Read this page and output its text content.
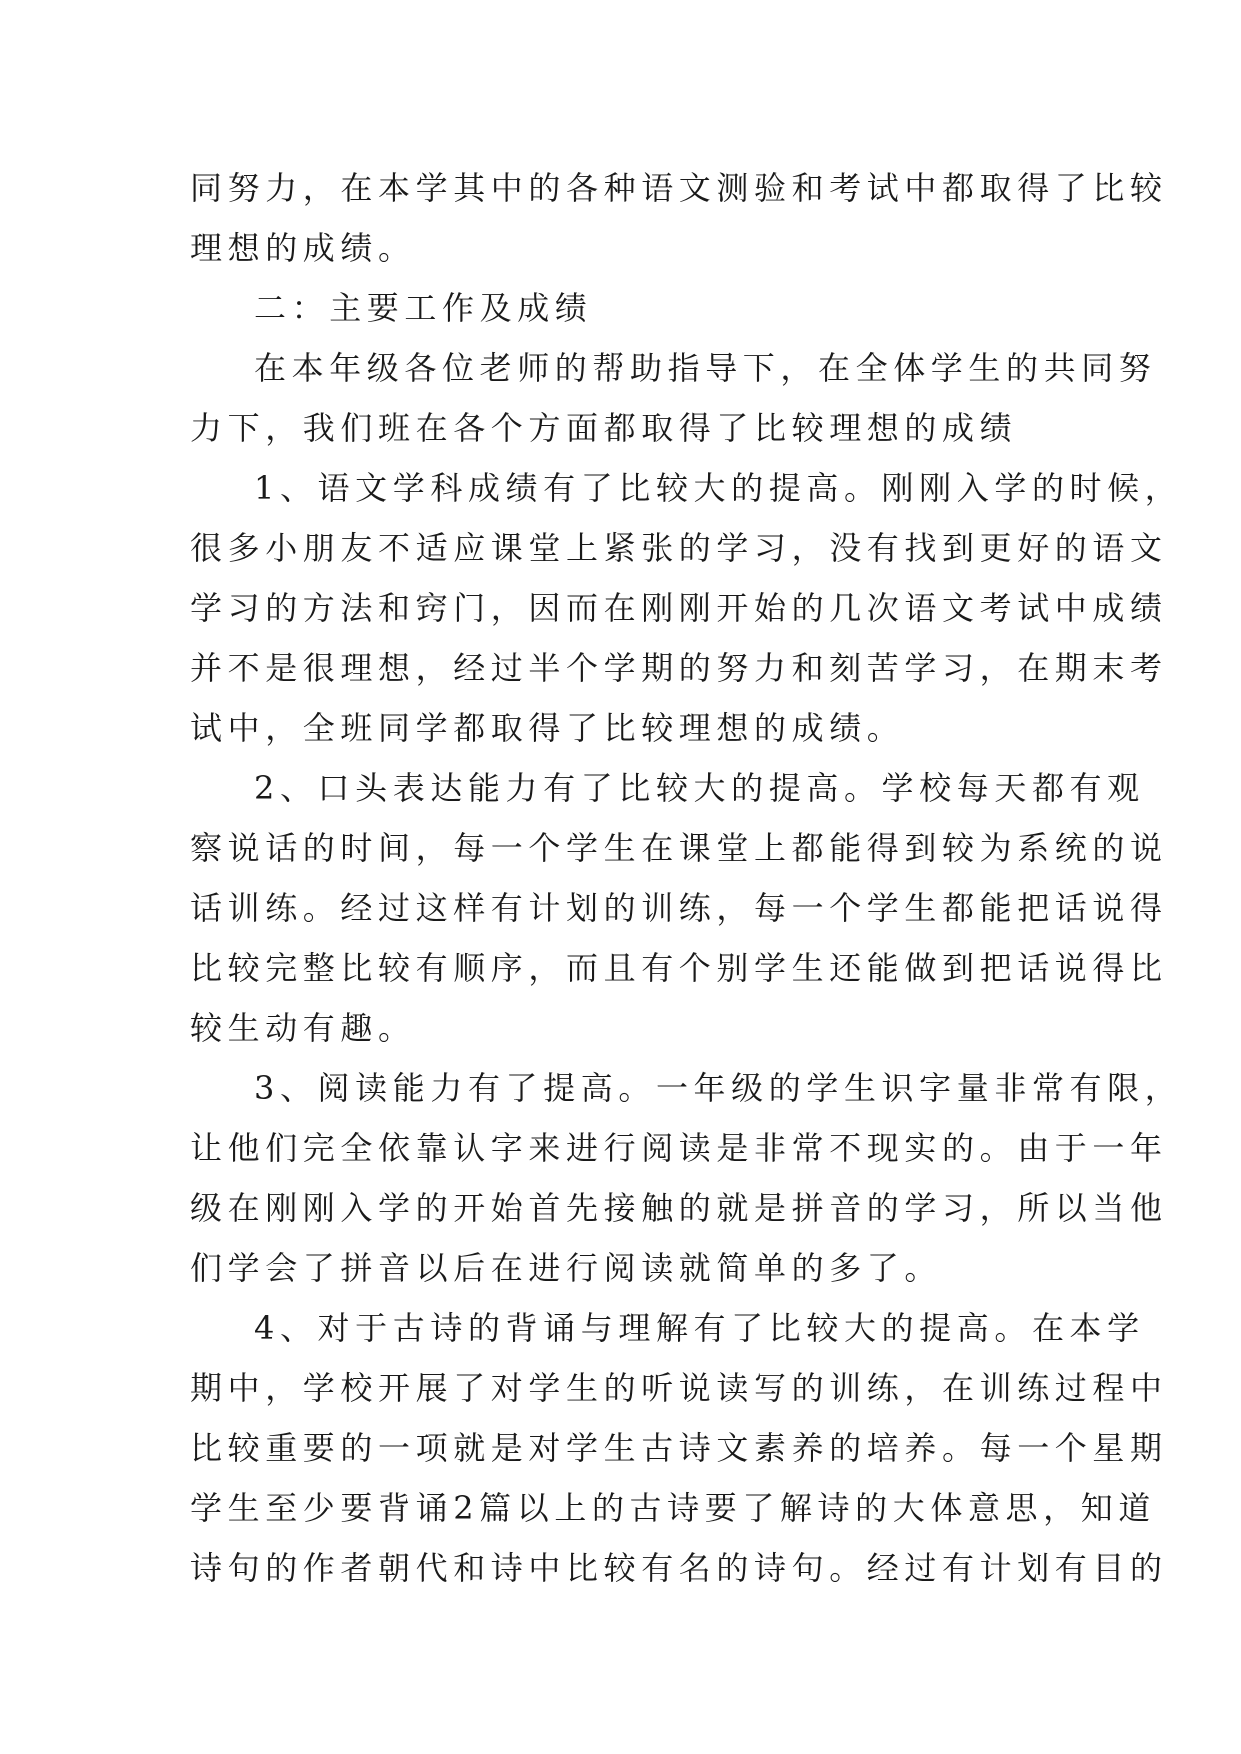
同努力，在本学其中的各种语文测验和考试中都取得了比较
理想的成绩。
二：主要工作及成绩
在本年级各位老师的帮助指导下，在全体学生的共同努
力下，我们班在各个方面都取得了比较理想的成绩
1、语文学科成绩有了比较大的提高。刚刚入学的时候，
很多小朋友不适应课堂上紧张的学习，没有找到更好的语文
学习的方法和窍门，因而在刚刚开始的几次语文考试中成绩
并不是很理想，经过半个学期的努力和刻苦学习，在期末考
试中，全班同学都取得了比较理想的成绩。
2、口头表达能力有了比较大的提高。学校每天都有观
察说话的时间，每一个学生在课堂上都能得到较为系统的说
话训练。经过这样有计划的训练，每一个学生都能把话说得
比较完整比较有顺序，而且有个别学生还能做到把话说得比
较生动有趣。
3、阅读能力有了提高。一年级的学生识字量非常有限，
让他们完全依靠认字来进行阅读是非常不现实的。由于一年
级在刚刚入学的开始首先接触的就是拼音的学习，所以当他
们学会了拼音以后在进行阅读就简单的多了。
4、对于古诗的背诵与理解有了比较大的提高。在本学
期中，学校开展了对学生的听说读写的训练，在训练过程中
比较重要的一项就是对学生古诗文素养的培养。每一个星期
学生至少要背诵2篇以上的古诗要了解诗的大体意思，知道
诗句的作者朝代和诗中比较有名的诗句。经过有计划有目的
